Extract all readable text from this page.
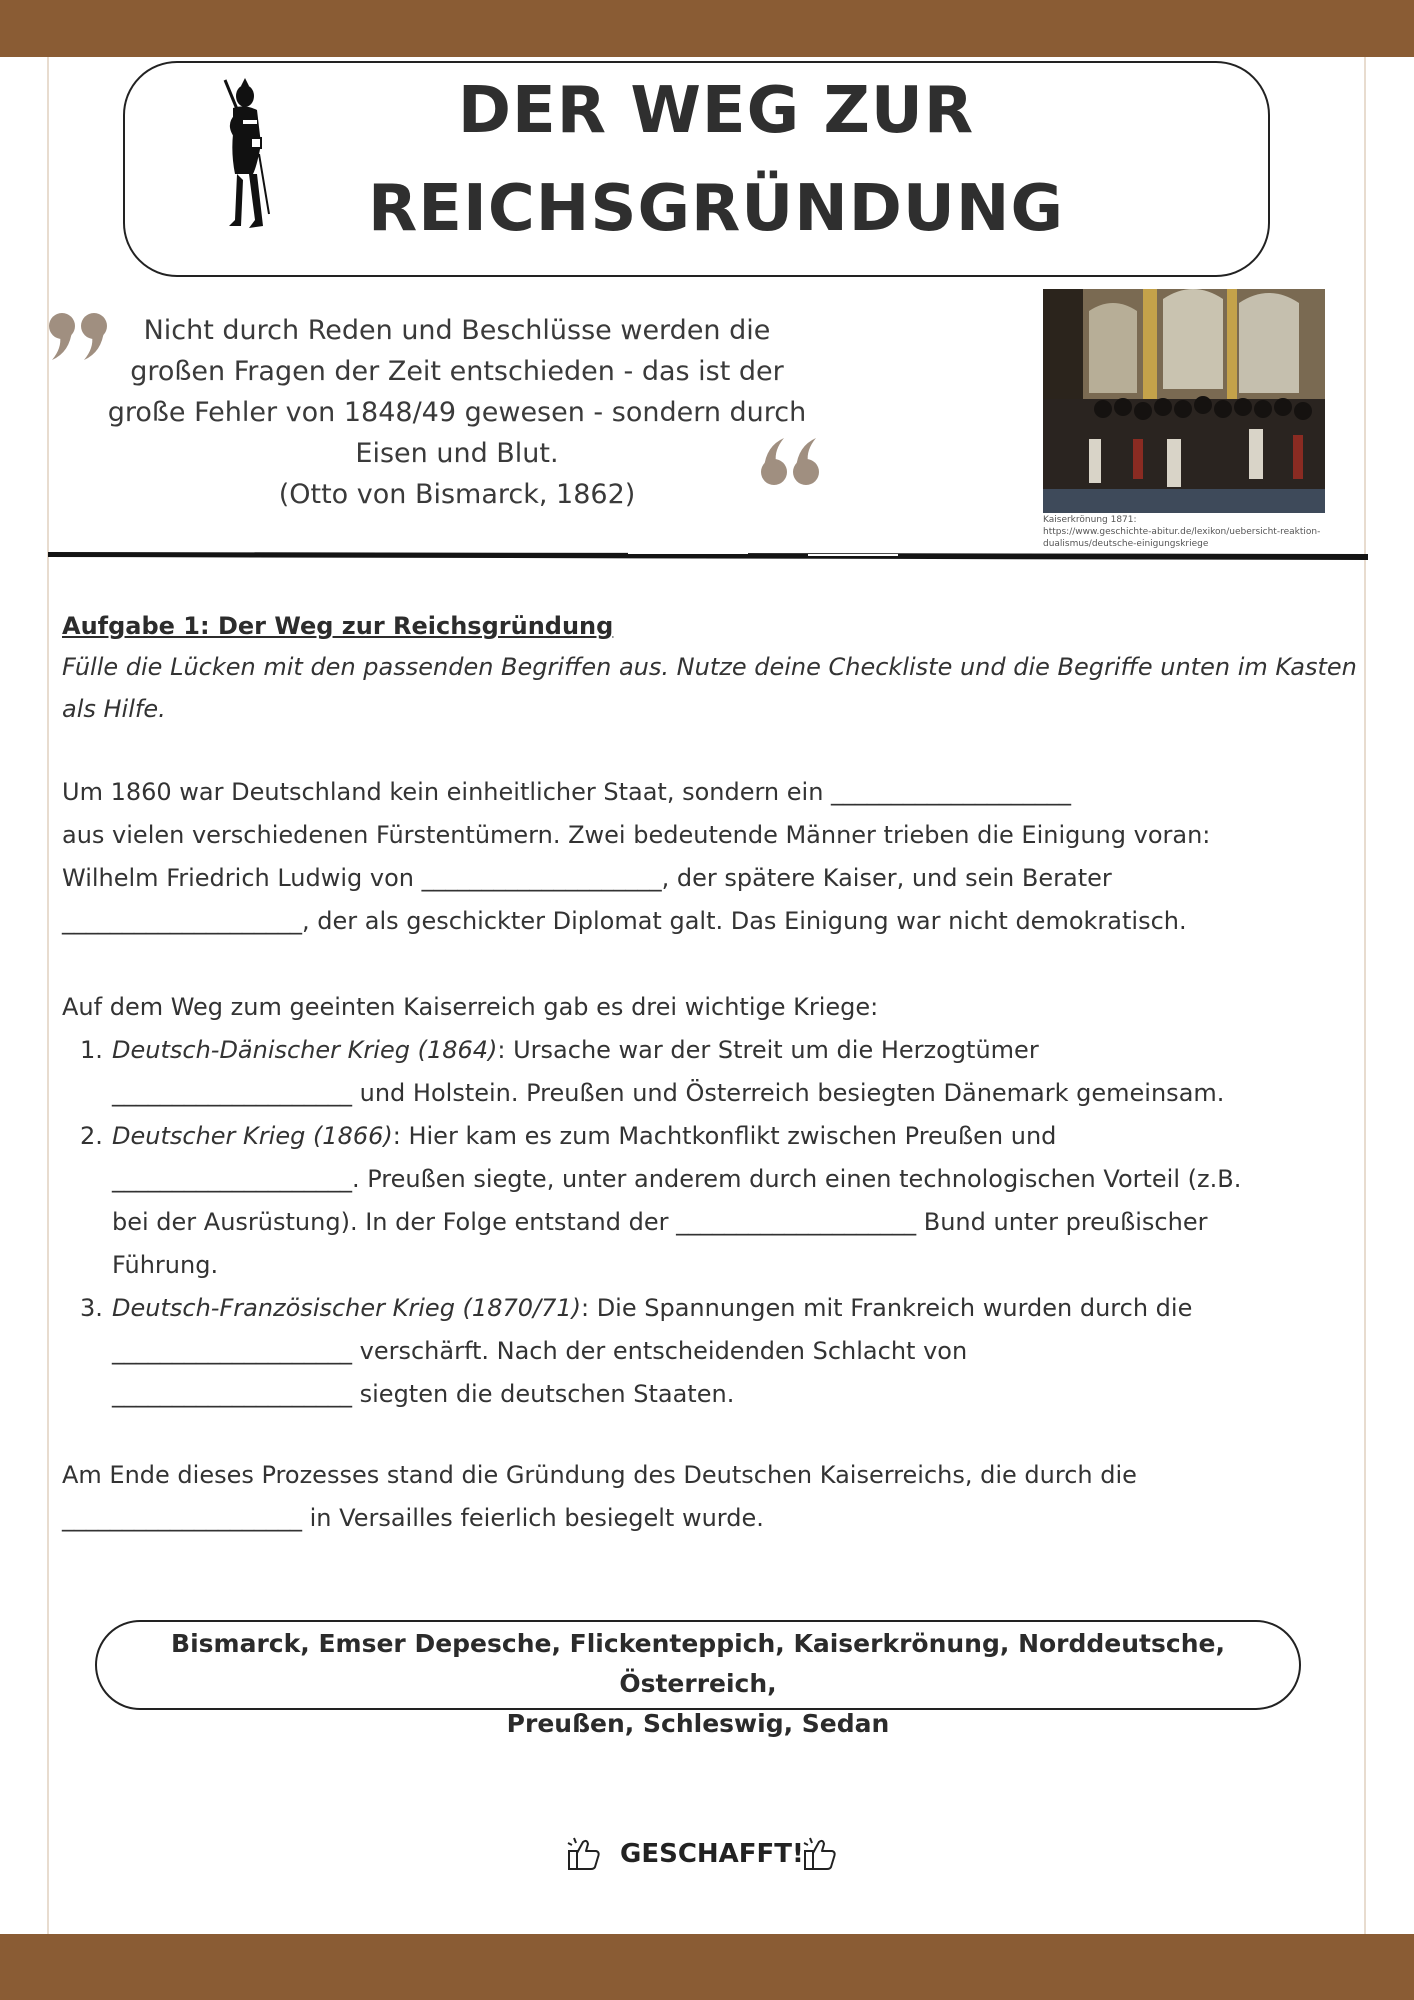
DER WEG ZUR
REICHSGRÜNDUNG
Nicht durch Reden und Beschlüsse werden die
großen Fragen der Zeit entschieden - das ist der
große Fehler von 1848/49 gewesen - sondern durch
Eisen und Blut.
(Otto von Bismarck, 1862)
Kaiserkrönung 1871:
https://www.geschichte-abitur.de/lexikon/uebersicht-reaktion-
dualismus/deutsche-einigungskriege
Aufgabe 1: Der Weg zur Reichsgründung
Fülle die Lücken mit den passenden Begriffen aus. Nutze deine Checkliste und die Begriffe unten im Kasten als Hilfe.
Um 1860 war Deutschland kein einheitlicher Staat, sondern ein ____________________
aus vielen verschiedenen Fürstentümern. Zwei bedeutende Männer trieben die Einigung voran:
Wilhelm Friedrich Ludwig von ____________________, der spätere Kaiser, und sein Berater
____________________, der als geschickter Diplomat galt. Das Einigung war nicht demokratisch.
Auf dem Weg zum geeinten Kaiserreich gab es drei wichtige Kriege:
1. Deutsch-Dänischer Krieg (1864): Ursache war der Streit um die Herzogtümer
____________________ und Holstein. Preußen und Österreich besiegten Dänemark gemeinsam.
2. Deutscher Krieg (1866): Hier kam es zum Machtkonflikt zwischen Preußen und
____________________. Preußen siegte, unter anderem durch einen technologischen Vorteil (z.B.
bei der Ausrüstung). In der Folge entstand der ____________________ Bund unter preußischer
Führung.
3. Deutsch-Französischer Krieg (1870/71): Die Spannungen mit Frankreich wurden durch die
____________________ verschärft. Nach der entscheidenden Schlacht von
____________________ siegten die deutschen Staaten.
Am Ende dieses Prozesses stand die Gründung des Deutschen Kaiserreichs, die durch die
____________________ in Versailles feierlich besiegelt wurde.
Bismarck, Emser Depesche, Flickenteppich, Kaiserkrönung, Norddeutsche, Österreich,
Preußen, Schleswig, Sedan
GESCHAFFT!
